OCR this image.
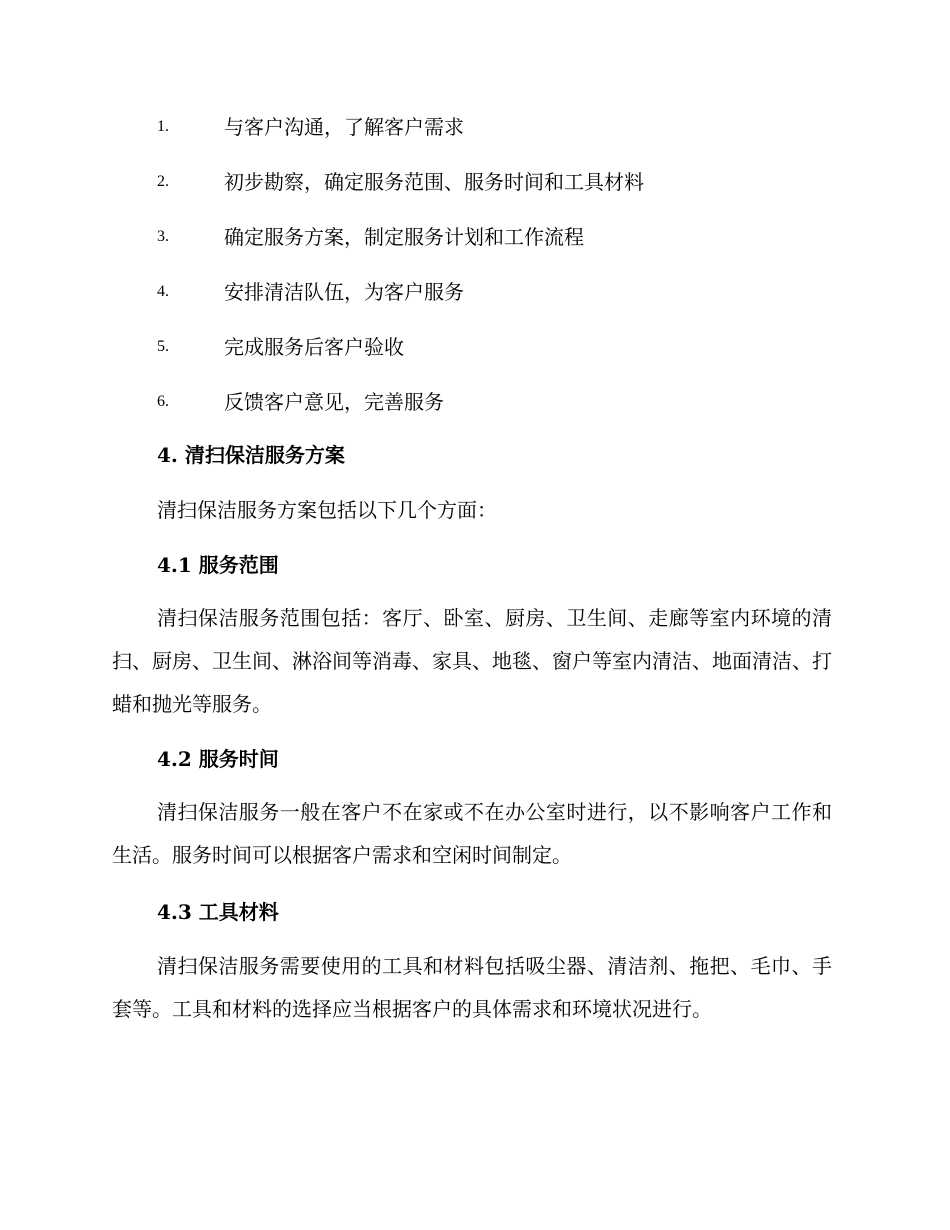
1.	与客户沟通，了解客户需求
2.	初步勘察，确定服务范围、服务时间和工具材料
3.	确定服务方案，制定服务计划和工作流程
4.	安排清洁队伍，为客户服务
5.	完成服务后客户验收
6.	反馈客户意见，完善服务
4. 清扫保洁服务方案
清扫保洁服务方案包括以下几个方面：
4.1 服务范围
清扫保洁服务范围包括：客厅、卧室、厨房、卫生间、走廊等室内环境的清扫、厨房、卫生间、淋浴间等消毒、家具、地毯、窗户等室内清洁、地面清洁、打蜡和抛光等服务。
4.2 服务时间
清扫保洁服务一般在客户不在家或不在办公室时进行，以不影响客户工作和生活。服务时间可以根据客户需求和空闲时间制定。
4.3 工具材料
清扫保洁服务需要使用的工具和材料包括吸尘器、清洁剂、拖把、毛巾、手套等。工具和材料的选择应当根据客户的具体需求和环境状况进行。
